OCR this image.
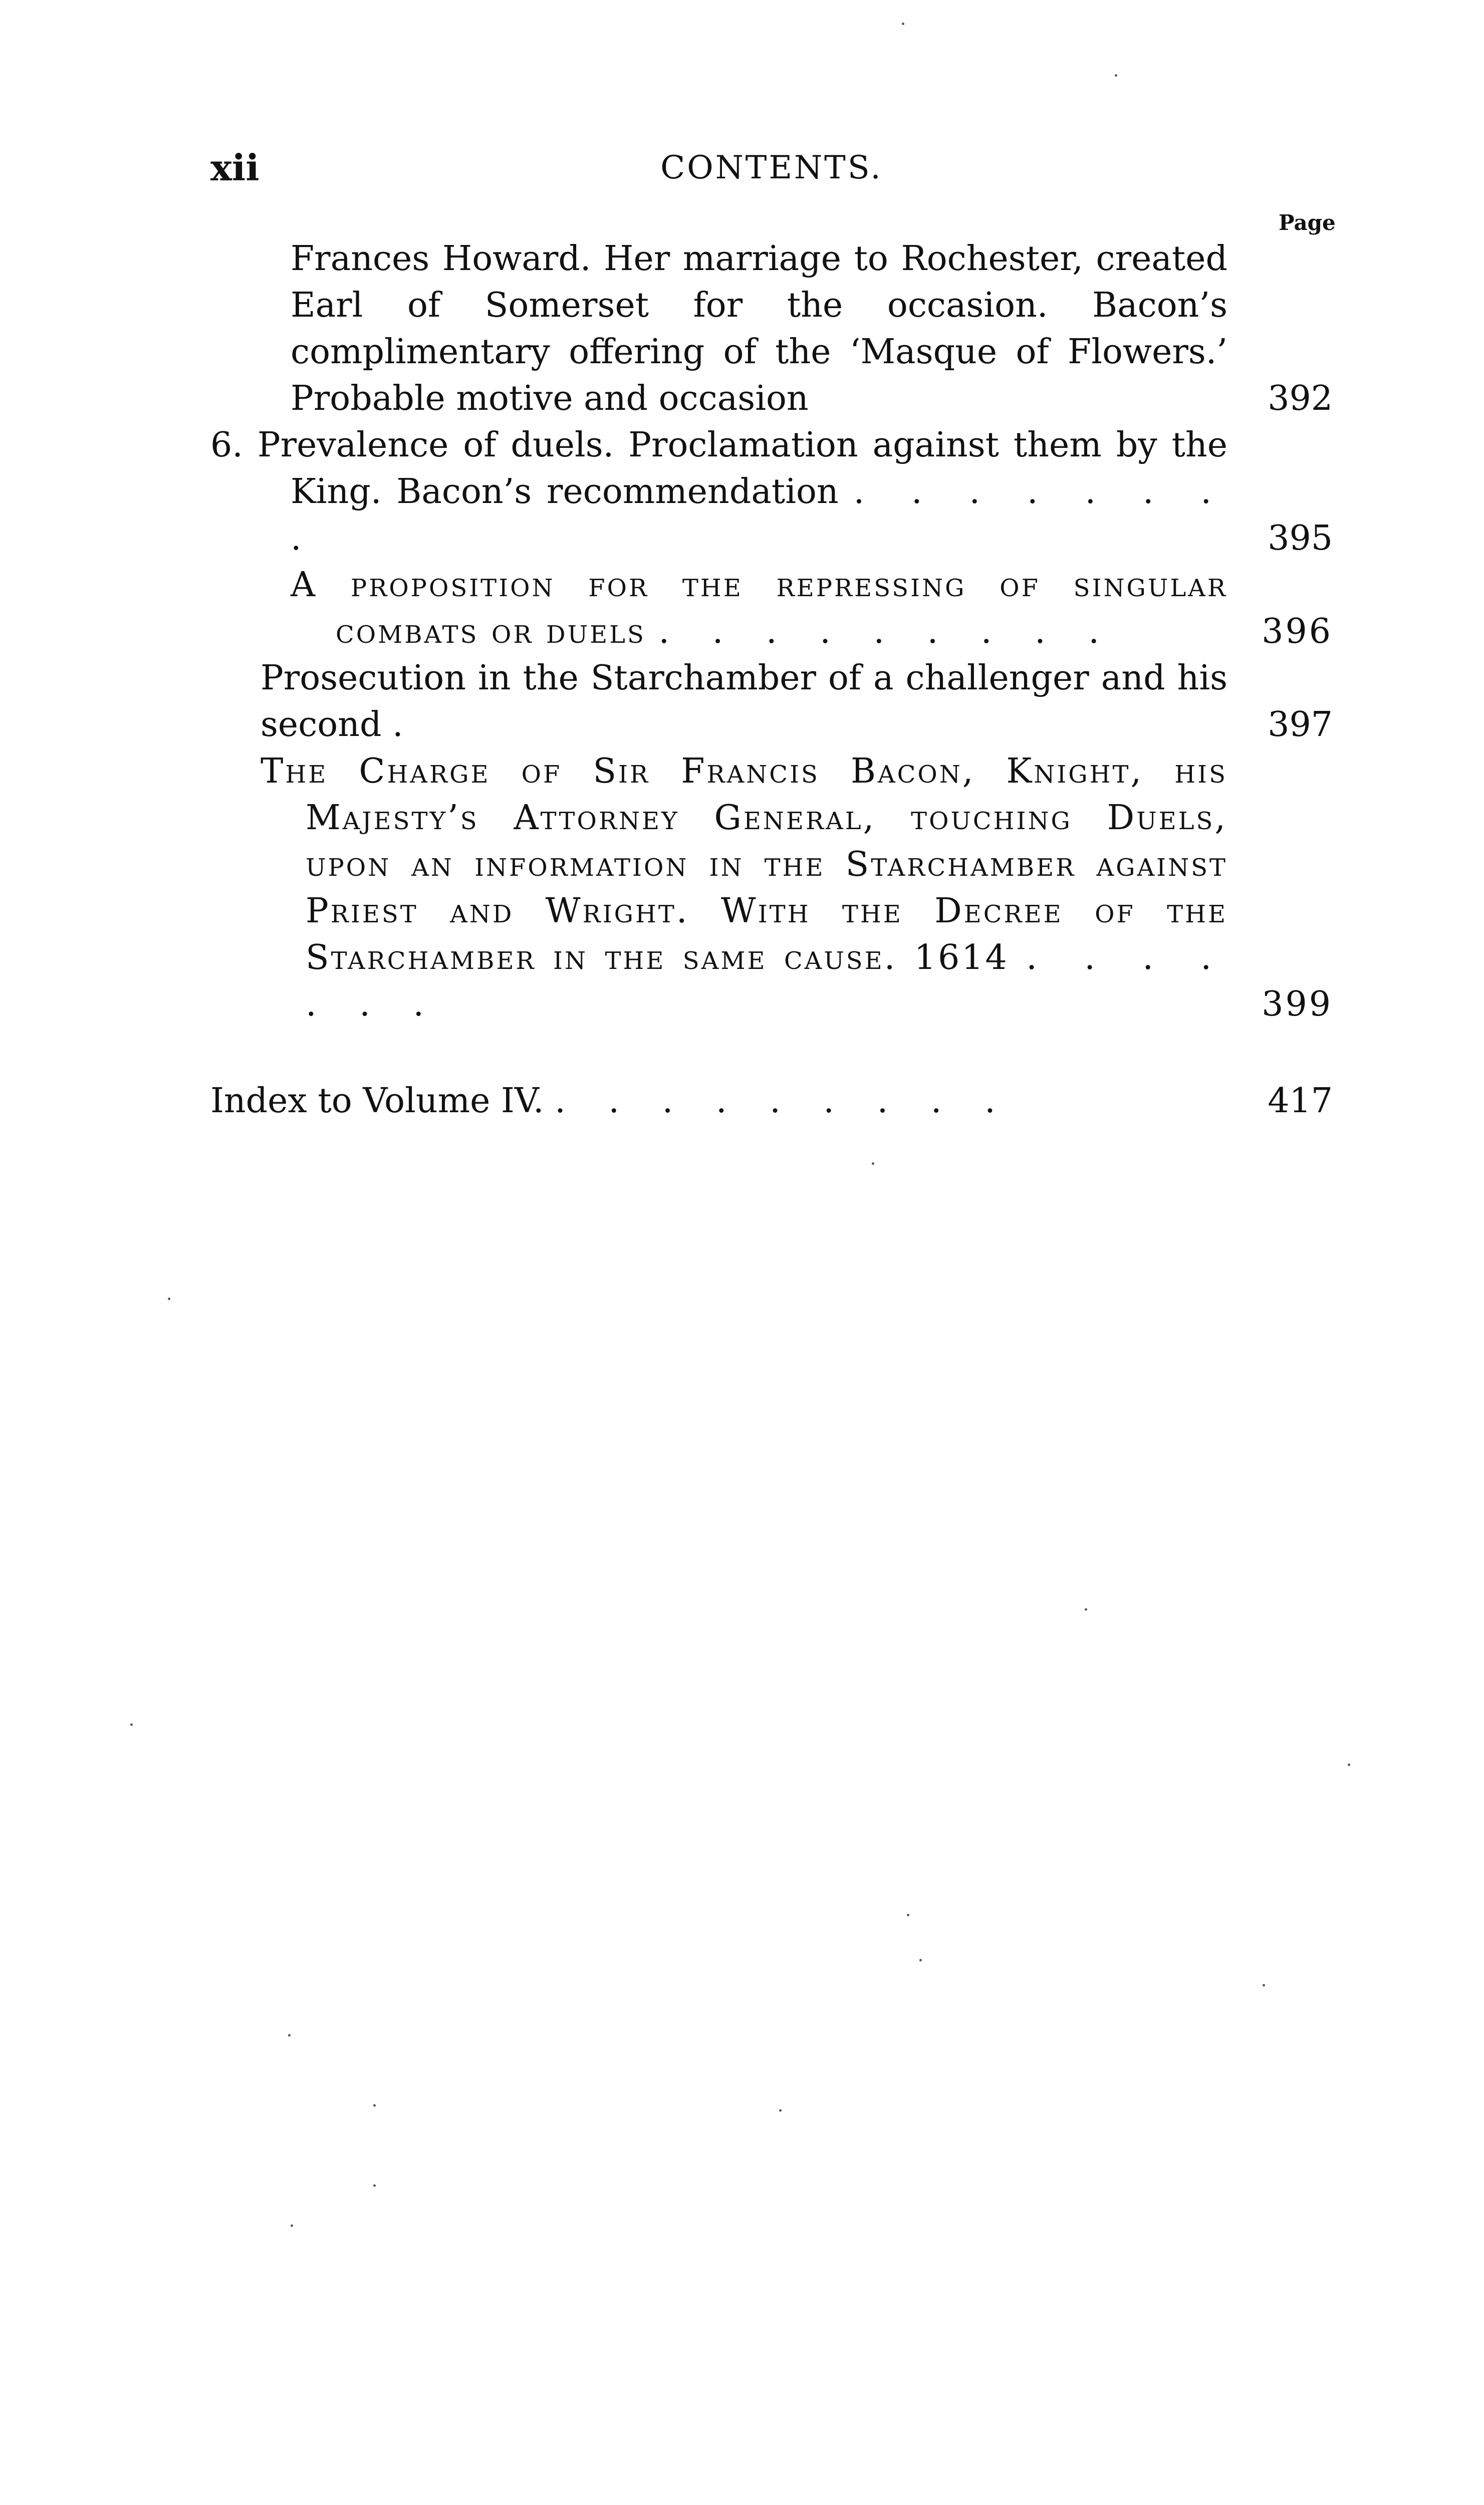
xii	CONTENTS.
Page
Frances Howard. Her marriage to Rochester, created Earl of Somerset for the occasion. Bacon’s complimentary offering of the ‘Masque of Flowers.’ Probable motive and occasion	392
6. Prevalence of duels. Proclamation against them by the King. Bacon’s recommendation . . . . . . . .	395
A proposition for the repressing of singular combats or duels . . . . . . . . .	396
Prosecution in the Starchamber of a challenger and his second .	397
The Charge of Sir Francis Bacon, Knight, his Majesty’s Attorney General, touching Duels, upon an information in the Starchamber against Priest and Wright. With the Decree of the Starchamber in the same cause. 1614 . . . . . . .	399
Index to Volume IV. . . . . . . . . .	417
